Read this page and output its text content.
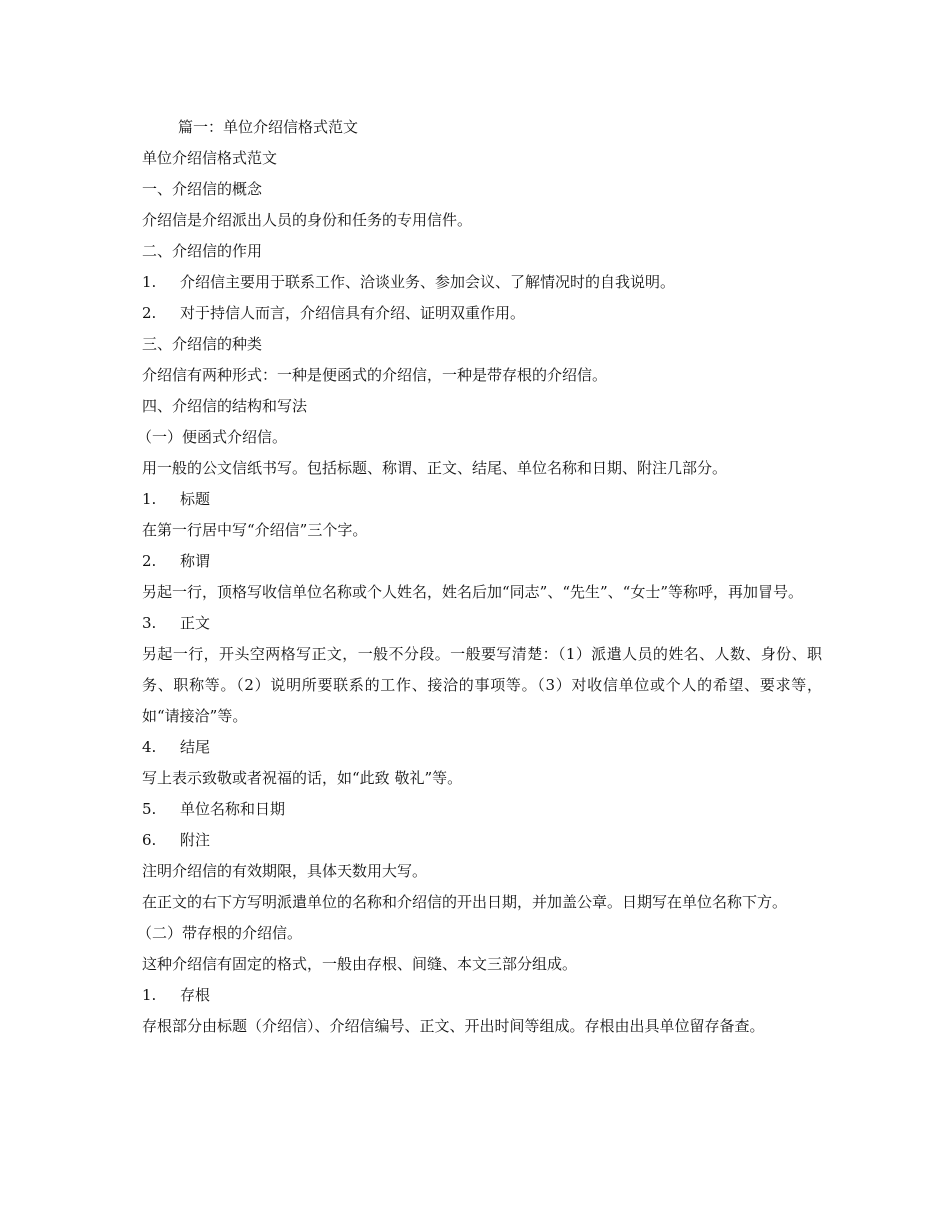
篇一：单位介绍信格式范文

单位介绍信格式范文

一、介绍信的概念

介绍信是介绍派出人员的身份和任务的专用信件。

二、介绍信的作用

1. 介绍信主要用于联系工作、洽谈业务、参加会议、了解情况时的自我说明。

2. 对于持信人而言，介绍信具有介绍、证明双重作用。

三、介绍信的种类

介绍信有两种形式：一种是便函式的介绍信，一种是带存根的介绍信。

四、介绍信的结构和写法

（一）便函式介绍信。

用一般的公文信纸书写。包括标题、称谓、正文、结尾、单位名称和日期、附注几部分。

1. 标题

在第一行居中写“介绍信”三个字。

2. 称谓

另起一行，顶格写收信单位名称或个人姓名，姓名后加“同志”、“先生”、“女士”等称呼，再加冒号。

3. 正文

另起一行，开头空两格写正文，一般不分段。一般要写清楚：（1）派遣人员的姓名、人数、身份、职务、职称等。（2）说明所要联系的工作、接洽的事项等。（3）对收信单位或个人的希望、要求等，如“请接洽”等。

4. 结尾

写上表示致敬或者祝福的话，如“此致 敬礼”等。

5. 单位名称和日期

6. 附注

注明介绍信的有效期限，具体天数用大写。

在正文的右下方写明派遣单位的名称和介绍信的开出日期，并加盖公章。日期写在单位名称下方。

（二）带存根的介绍信。

这种介绍信有固定的格式，一般由存根、间缝、本文三部分组成。

1. 存根

存根部分由标题（介绍信）、介绍信编号、正文、开出时间等组成。存根由出具单位留存备查。
